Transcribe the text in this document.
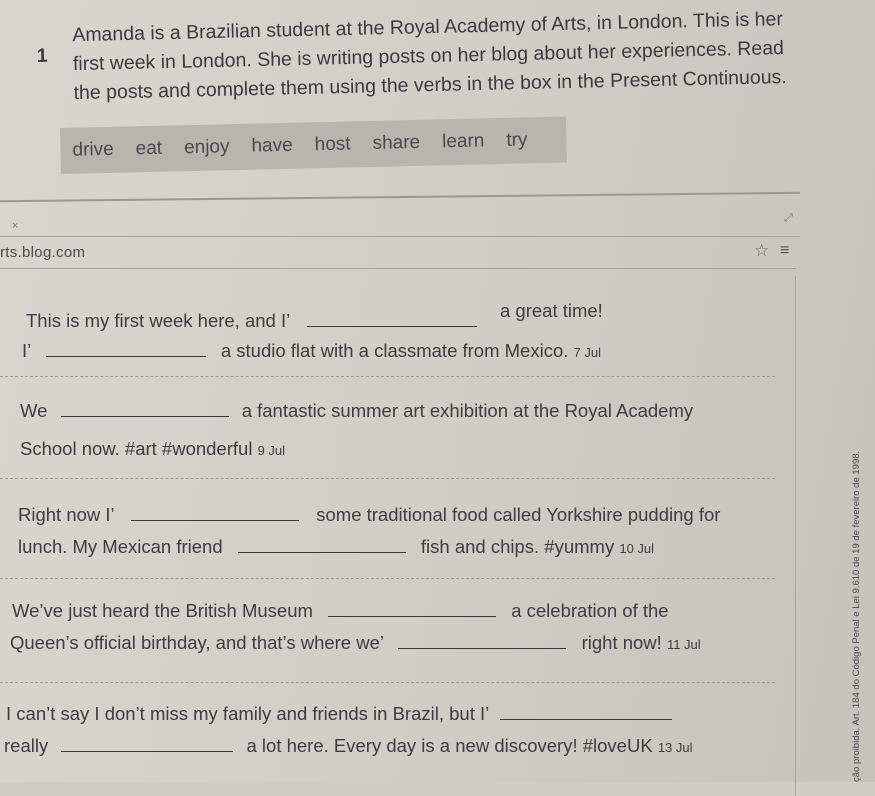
1
Amanda is a Brazilian student at the Royal Academy of Arts, in London. This is her
first week in London. She is writing posts on her blog about her experiences. Read
the posts and complete them using the verbs in the box in the Present Continuous.
drive eat enjoy have host share learn try
×
⤢
rts.blog.com	☆ ≡
This is my first week here, and I’	a great time!
I’	a studio flat with a classmate from Mexico. 7 Jul
We	a fantastic summer art exhibition at the Royal Academy
School now. #art #wonderful 9 Jul
Right now I’	some traditional food called Yorkshire pudding for
lunch. My Mexican friend	fish and chips. #yummy 10 Jul
We’ve just heard the British Museum	a celebration of the
Queen’s official birthday, and that’s where we’	right now! 11 Jul
I can’t say I don’t miss my family and friends in Brazil, but I’
really	a lot here. Every day is a new discovery! #loveUK 13 Jul	ção proibida. Art. 184 do Código Penal e Lei 9.610 de 19 de fevereiro de 1998.
